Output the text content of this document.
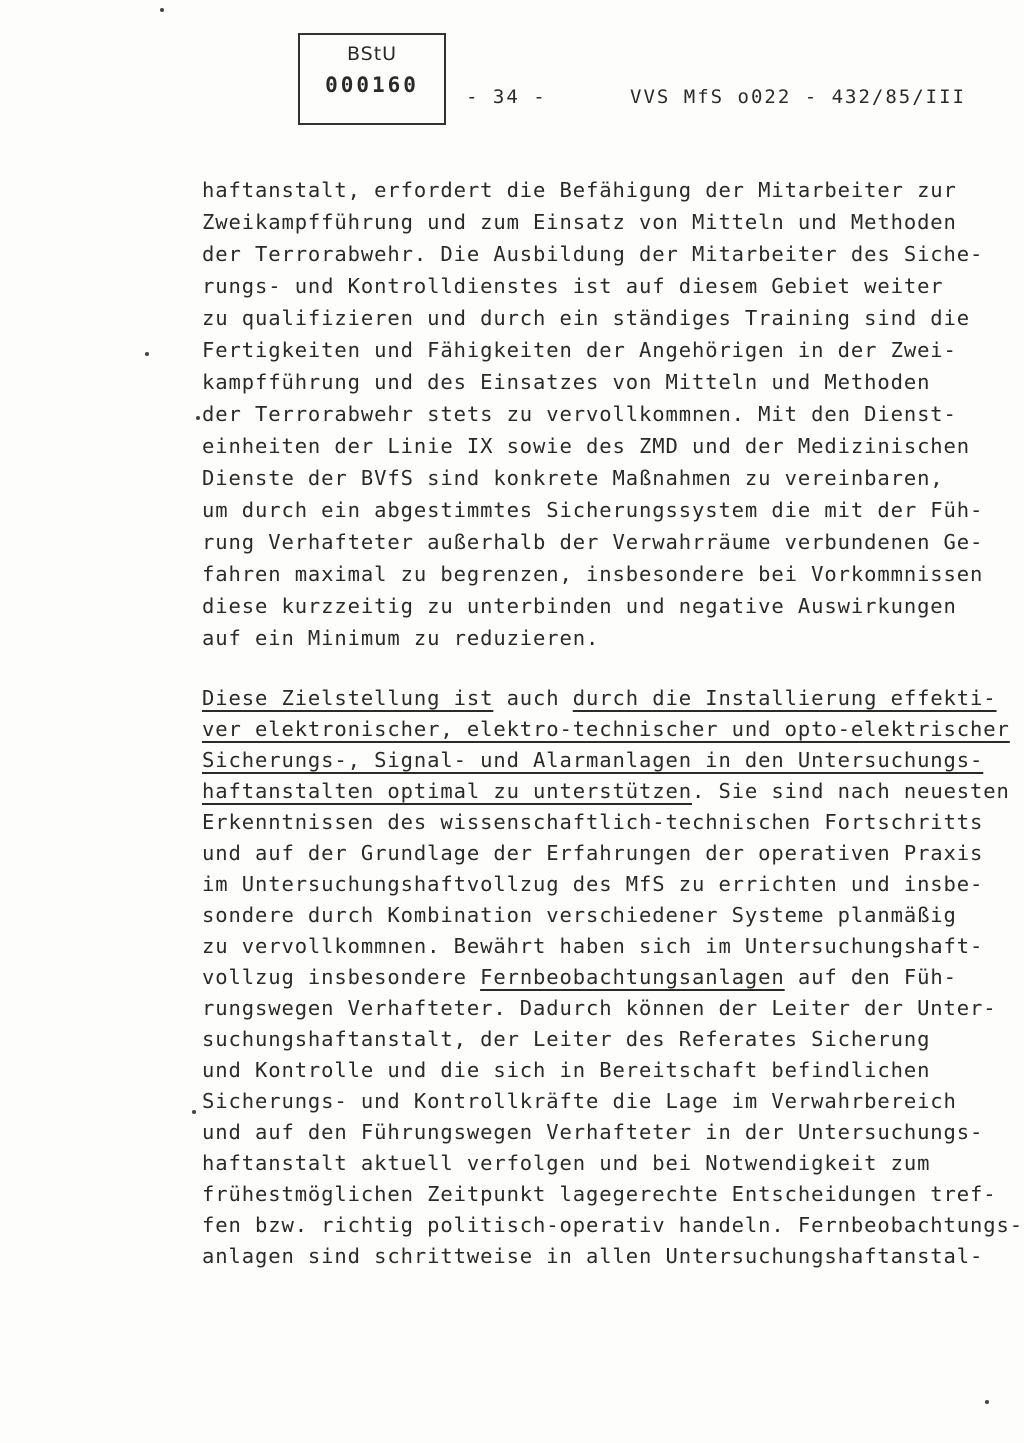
BStU
000160	- 34 -	VVS MfS o022 - 432/85/III
haftanstalt, erfordert die Befähigung der Mitarbeiter zur
Zweikampfführung und zum Einsatz von Mitteln und Methoden
der Terrorabwehr. Die Ausbildung der Mitarbeiter des Siche-
rungs- und Kontrolldienstes ist auf diesem Gebiet weiter
zu qualifizieren und durch ein ständiges Training sind die
Fertigkeiten und Fähigkeiten der Angehörigen in der Zwei-
kampfführung und des Einsatzes von Mitteln und Methoden
der Terrorabwehr stets zu vervollkommnen. Mit den Dienst-
einheiten der Linie IX sowie des ZMD und der Medizinischen
Dienste der BVfS sind konkrete Maßnahmen zu vereinbaren,
um durch ein abgestimmtes Sicherungssystem die mit der Füh-
rung Verhafteter außerhalb der Verwahrräume verbundenen Ge-
fahren maximal zu begrenzen, insbesondere bei Vorkommnissen
diese kurzzeitig zu unterbinden und negative Auswirkungen
auf ein Minimum zu reduzieren.
Diese Zielstellung ist auch durch die Installierung effekti-
ver elektronischer, elektro-technischer und opto-elektrischer
Sicherungs-, Signal- und Alarmanlagen in den Untersuchungs-
haftanstalten optimal zu unterstützen. Sie sind nach neuesten
Erkenntnissen des wissenschaftlich-technischen Fortschritts
und auf der Grundlage der Erfahrungen der operativen Praxis
im Untersuchungshaftvollzug des MfS zu errichten und insbe-
sondere durch Kombination verschiedener Systeme planmäßig
zu vervollkommnen. Bewährt haben sich im Untersuchungshaft-
vollzug insbesondere Fernbeobachtungsanlagen auf den Füh-
rungswegen Verhafteter. Dadurch können der Leiter der Unter-
suchungshaftanstalt, der Leiter des Referates Sicherung
und Kontrolle und die sich in Bereitschaft befindlichen
Sicherungs- und Kontrollkräfte die Lage im Verwahrbereich
und auf den Führungswegen Verhafteter in der Untersuchungs-
haftanstalt aktuell verfolgen und bei Notwendigkeit zum
frühestmöglichen Zeitpunkt lagegerechte Entscheidungen tref-
fen bzw. richtig politisch-operativ handeln. Fernbeobachtungs-
anlagen sind schrittweise in allen Untersuchungshaftanstal-
